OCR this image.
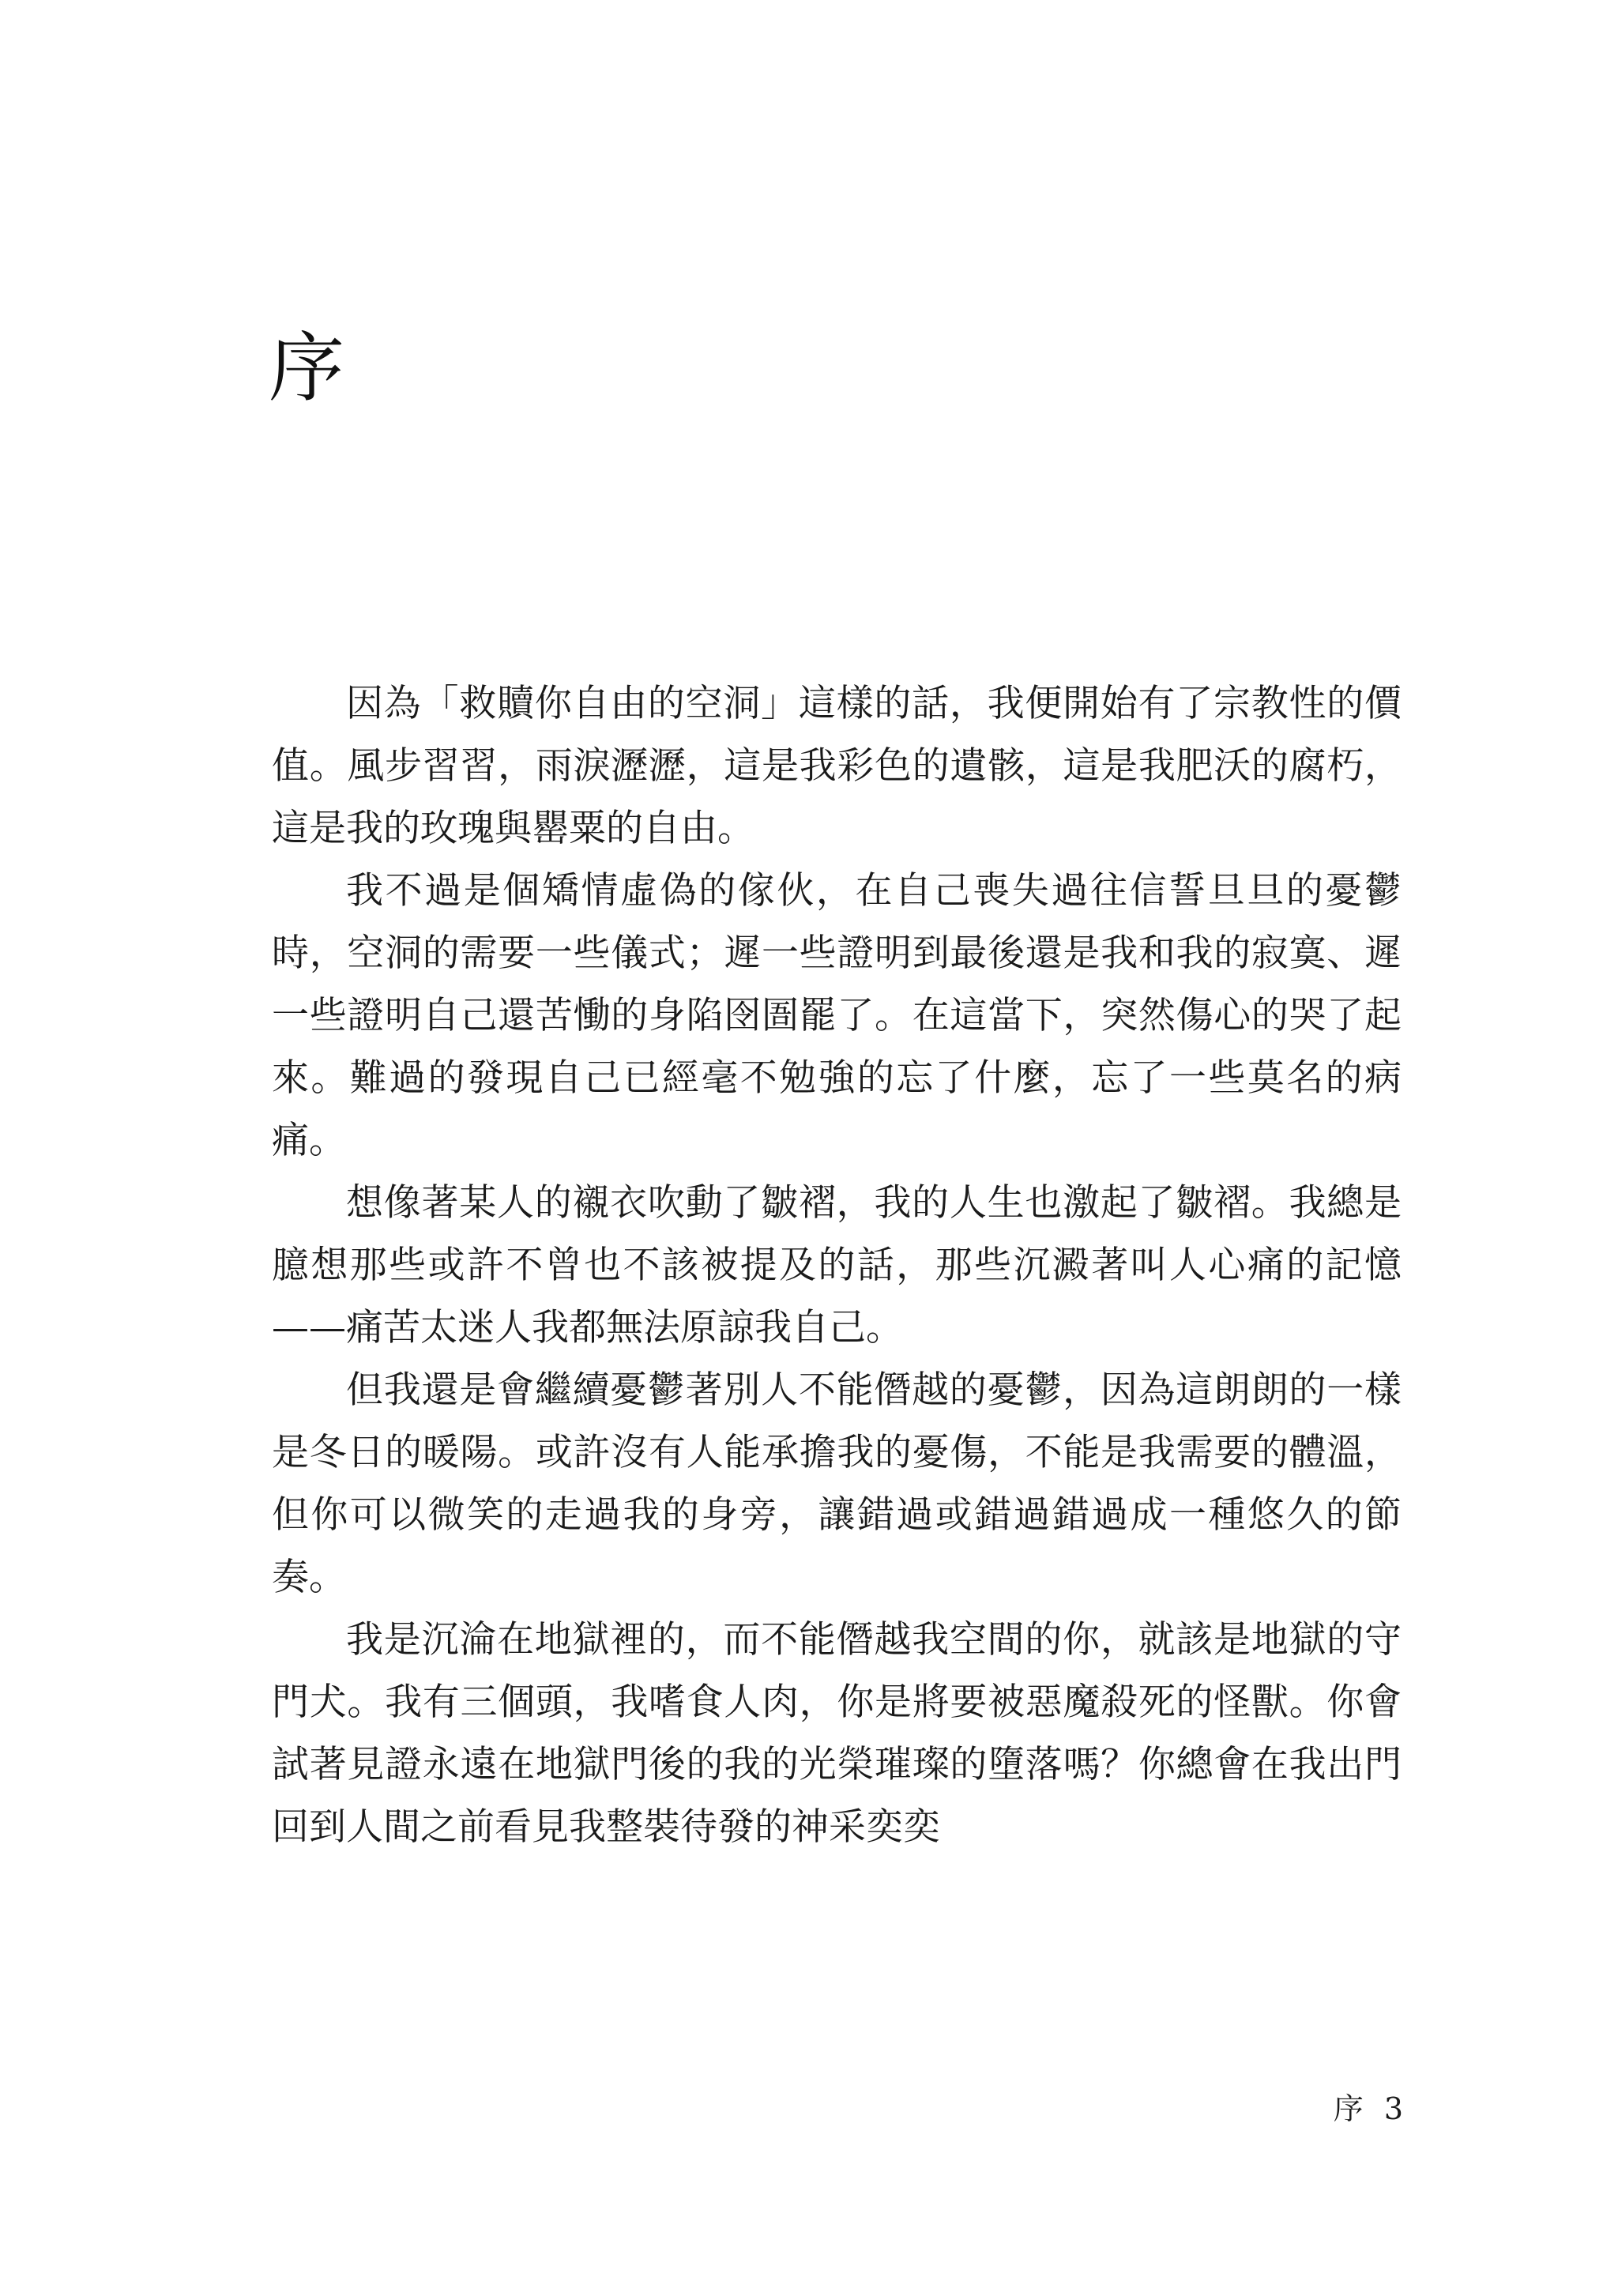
序

因為「救贖你自由的空洞」這樣的話，我便開始有了宗教性的價值。風步習習，雨淚瀝瀝，這是我彩色的遺骸，這是我肥沃的腐朽，這是我的玫瑰與罌粟的自由。

我不過是個矯情虛偽的傢伙，在自己喪失過往信誓旦旦的憂鬱時，空洞的需要一些儀式；遲一些證明到最後還是我和我的寂寞、遲一些證明自己還苦慟的身陷囹圄罷了。在這當下，突然傷心的哭了起來。難過的發現自己已經毫不勉強的忘了什麼，忘了一些莫名的病痛。

想像著某人的襯衣吹動了皺褶，我的人生也激起了皺褶。我總是臆想那些或許不曾也不該被提及的話，那些沉澱著叫人心痛的記憶——痛苦太迷人我都無法原諒我自己。

但我還是會繼續憂鬱著別人不能僭越的憂鬱，因為這朗朗的一樣是冬日的暖陽。或許沒有人能承擔我的憂傷，不能是我需要的體溫，但你可以微笑的走過我的身旁，讓錯過或錯過錯過成一種悠久的節奏。

我是沉淪在地獄裡的，而不能僭越我空間的你，就該是地獄的守門犬。我有三個頭，我嗜食人肉，你是將要被惡魔殺死的怪獸。你會試著見證永遠在地獄門後的我的光榮璀璨的墮落嗎？你總會在我出門回到人間之前看見我整裝待發的神采奕奕

序 3
